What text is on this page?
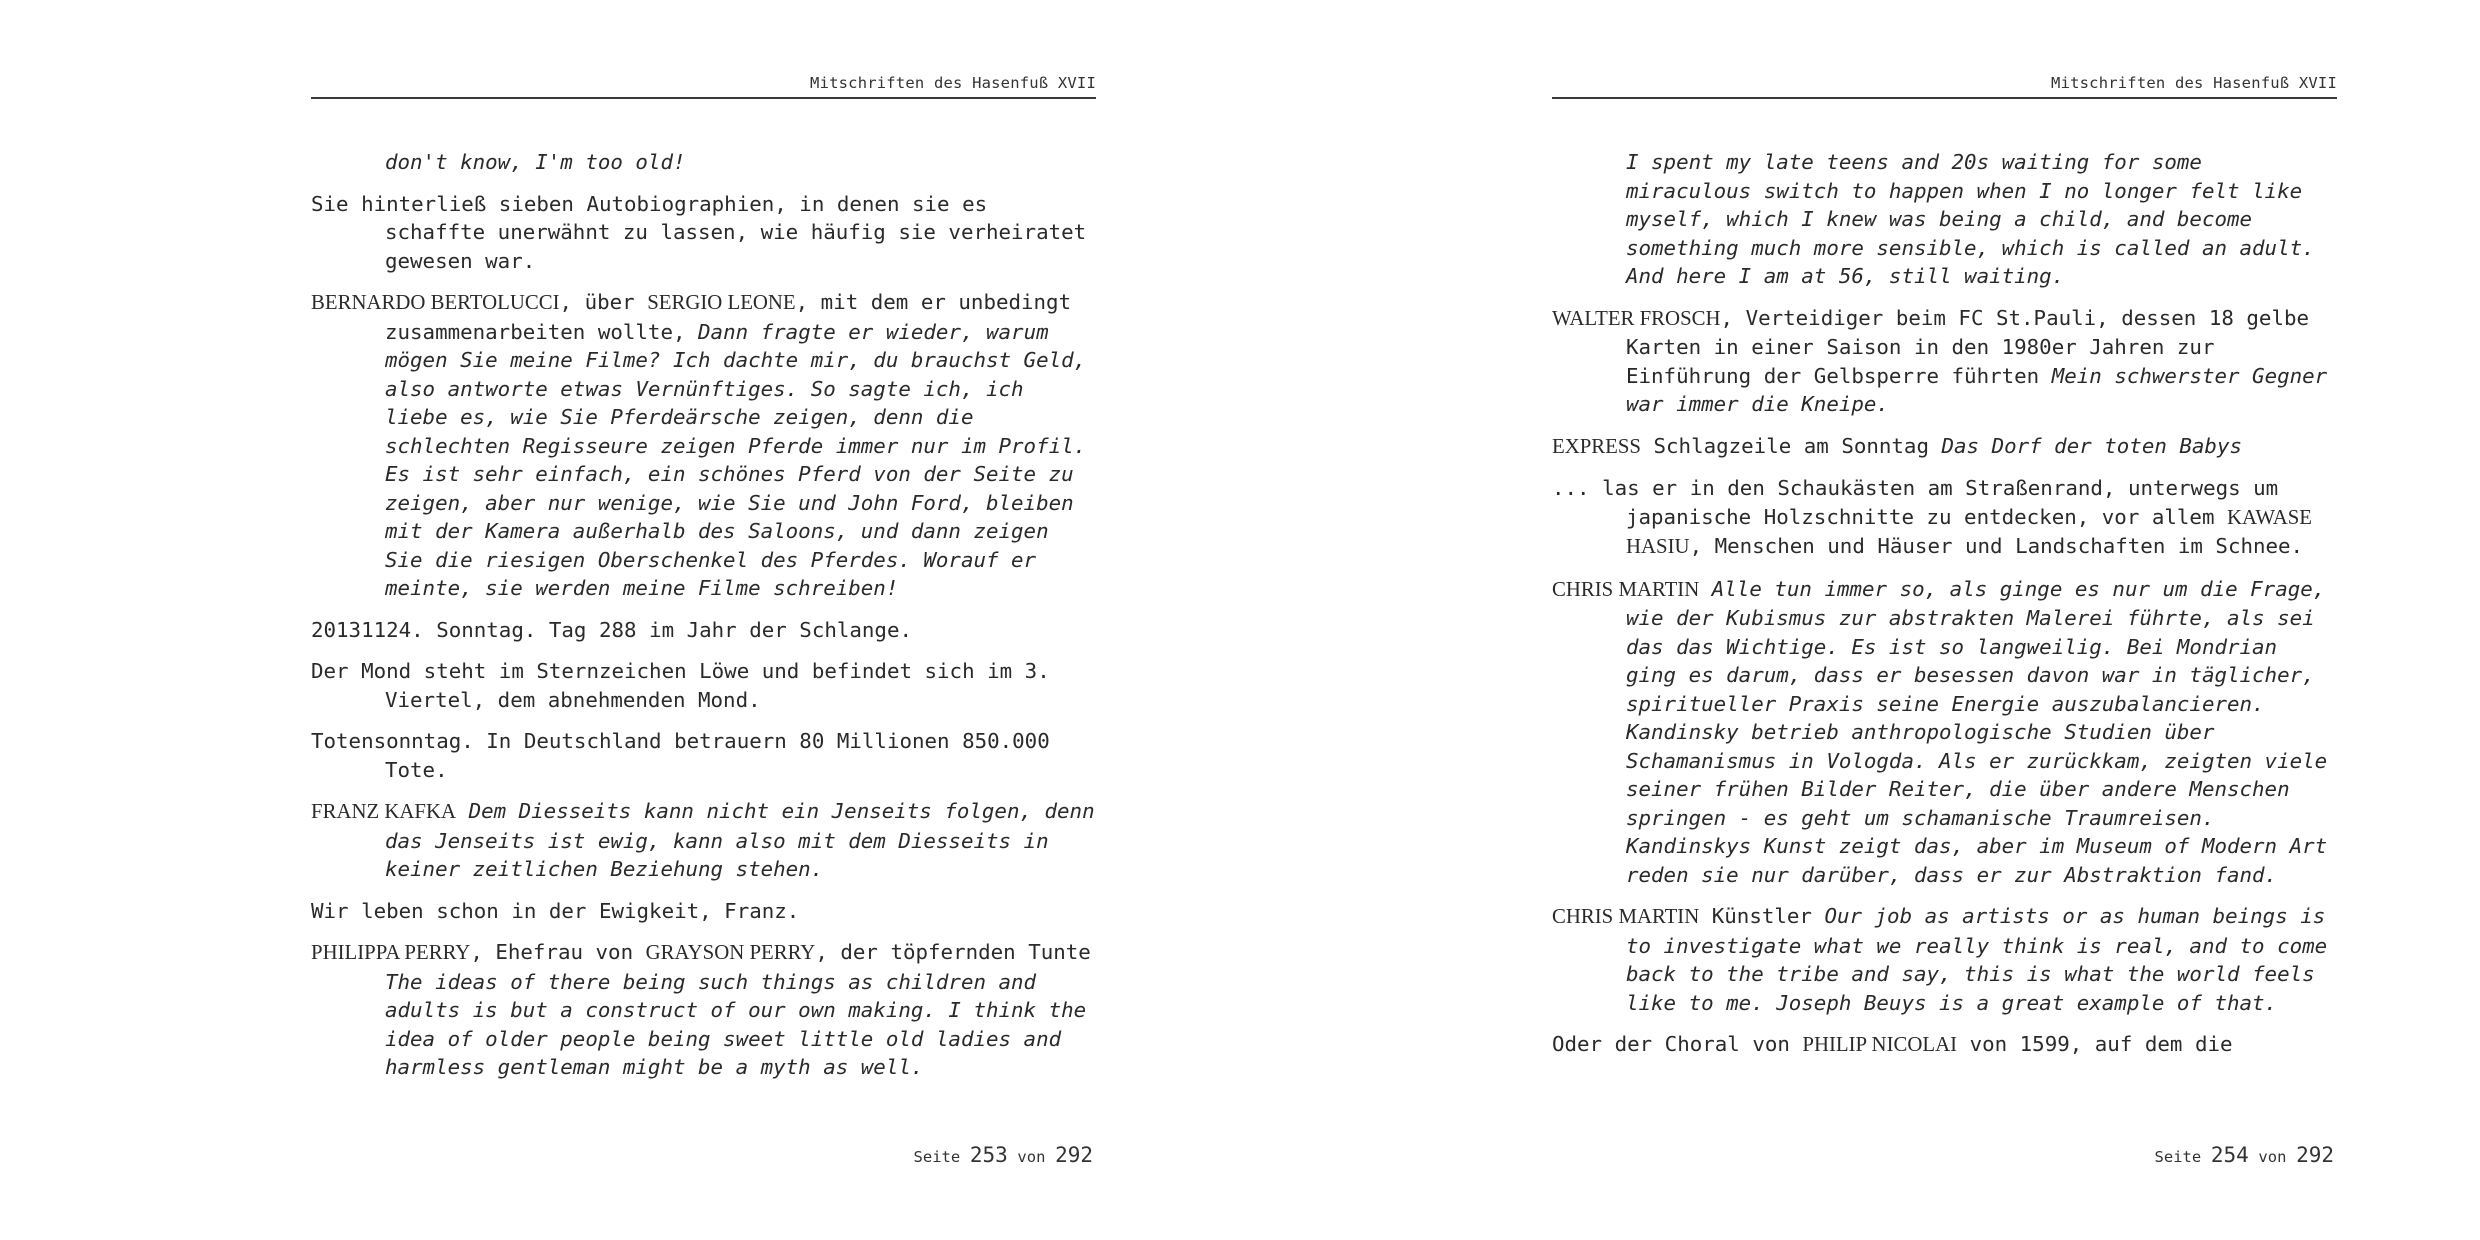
Mitschriften des Hasenfuß XVII

don't know, I'm too old!

Sie hinterließ sieben Autobiographien, in denen sie es schaffte unerwähnt zu lassen, wie häufig sie verheiratet gewesen war.

BERNARDO BERTOLUCCI, über SERGIO LEONE, mit dem er unbedingt zusammenarbeiten wollte, Dann fragte er wieder, warum mögen Sie meine Filme? Ich dachte mir, du brauchst Geld, also antworte etwas Vernünftiges. So sagte ich, ich liebe es, wie Sie Pferdeärsche zeigen, denn die schlechten Regisseure zeigen Pferde immer nur im Profil. Es ist sehr einfach, ein schönes Pferd von der Seite zu zeigen, aber nur wenige, wie Sie und John Ford, bleiben mit der Kamera außerhalb des Saloons, und dann zeigen Sie die riesigen Oberschenkel des Pferdes. Worauf er meinte, sie werden meine Filme schreiben!

20131124. Sonntag. Tag 288 im Jahr der Schlange.

Der Mond steht im Sternzeichen Löwe und befindet sich im 3. Viertel, dem abnehmenden Mond.

Totensonntag. In Deutschland betrauern 80 Millionen 850.000 Tote.

FRANZ KAFKA Dem Diesseits kann nicht ein Jenseits folgen, denn das Jenseits ist ewig, kann also mit dem Diesseits in keiner zeitlichen Beziehung stehen.

Wir leben schon in der Ewigkeit, Franz.

PHILIPPA PERRY, Ehefrau von GRAYSON PERRY, der töpfernden Tunte The ideas of there being such things as children and adults is but a construct of our own making. I think the idea of older people being sweet little old ladies and harmless gentleman might be a myth as well.

Seite 253 von 292
Mitschriften des Hasenfuß XVII

I spent my late teens and 20s waiting for some miraculous switch to happen when I no longer felt like myself, which I knew was being a child, and become something much more sensible, which is called an adult. And here I am at 56, still waiting.

WALTER FROSCH, Verteidiger beim FC St.Pauli, dessen 18 gelbe Karten in einer Saison in den 1980er Jahren zur Einführung der Gelbsperre führten Mein schwerster Gegner war immer die Kneipe.

EXPRESS Schlagzeile am Sonntag Das Dorf der toten Babys

... las er in den Schaukästen am Straßenrand, unterwegs um japanische Holzschnitte zu entdecken, vor allem KAWASE HASIU, Menschen und Häuser und Landschaften im Schnee.

CHRIS MARTIN Alle tun immer so, als ginge es nur um die Frage, wie der Kubismus zur abstrakten Malerei führte, als sei das das Wichtige. Es ist so langweilig. Bei Mondrian ging es darum, dass er besessen davon war in täglicher, spiritueller Praxis seine Energie auszubalancieren. Kandinsky betrieb anthropologische Studien über Schamanismus in Vologda. Als er zurückkam, zeigten viele seiner frühen Bilder Reiter, die über andere Menschen springen - es geht um schamanische Traumreisen. Kandinskys Kunst zeigt das, aber im Museum of Modern Art reden sie nur darüber, dass er zur Abstraktion fand.

CHRIS MARTIN Künstler Our job as artists or as human beings is to investigate what we really think is real, and to come back to the tribe and say, this is what the world feels like to me. Joseph Beuys is a great example of that.

Oder der Choral von PHILIP NICOLAI von 1599, auf dem die

Seite 254 von 292
